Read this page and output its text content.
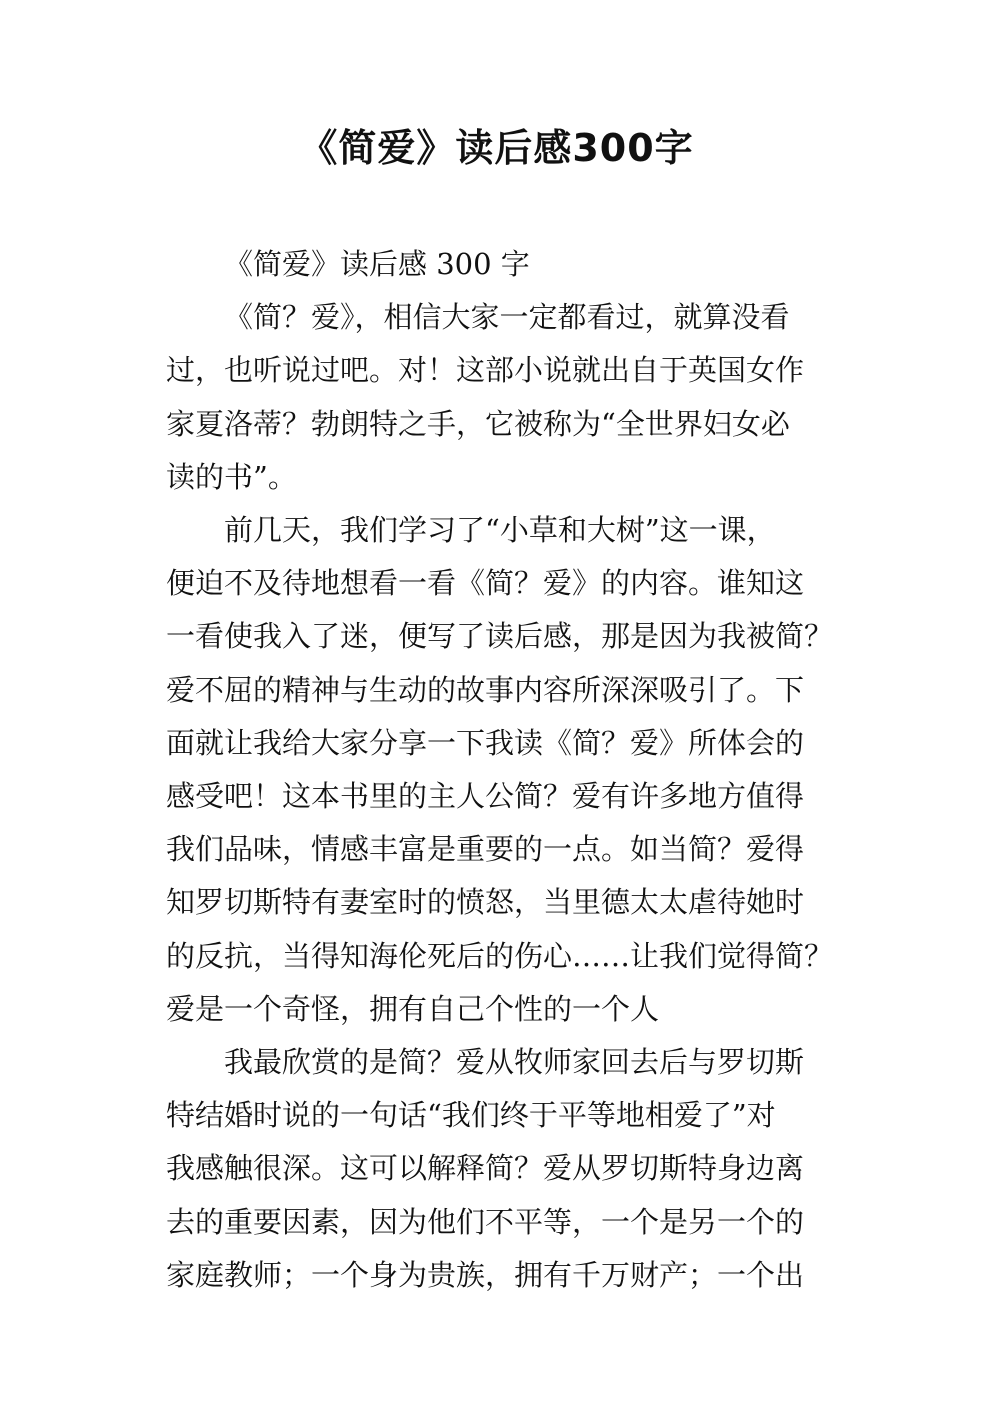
《简爱》读后感300字
《简爱》读后感 300 字
《简？爱》，相信大家一定都看过，就算没看
过，也听说过吧。对！这部小说就出自于英国女作
家夏洛蒂？勃朗特之手，它被称为“全世界妇女必
读的书”。
前几天，我们学习了“小草和大树”这一课，
便迫不及待地想看一看《简？爱》的内容。谁知这
一看使我入了迷，便写了读后感，那是因为我被简？
爱不屈的精神与生动的故事内容所深深吸引了。下
面就让我给大家分享一下我读《简？爱》所体会的
感受吧！这本书里的主人公简？爱有许多地方值得
我们品味，情感丰富是重要的一点。如当简？爱得
知罗切斯特有妻室时的愤怒，当里德太太虐待她时
的反抗，当得知海伦死后的伤心……让我们觉得简？
爱是一个奇怪，拥有自己个性的一个人
我最欣赏的是简？爱从牧师家回去后与罗切斯
特结婚时说的一句话“我们终于平等地相爱了”对
我感触很深。这可以解释简？爱从罗切斯特身边离
去的重要因素，因为他们不平等，一个是另一个的
家庭教师；一个身为贵族，拥有千万财产；一个出
